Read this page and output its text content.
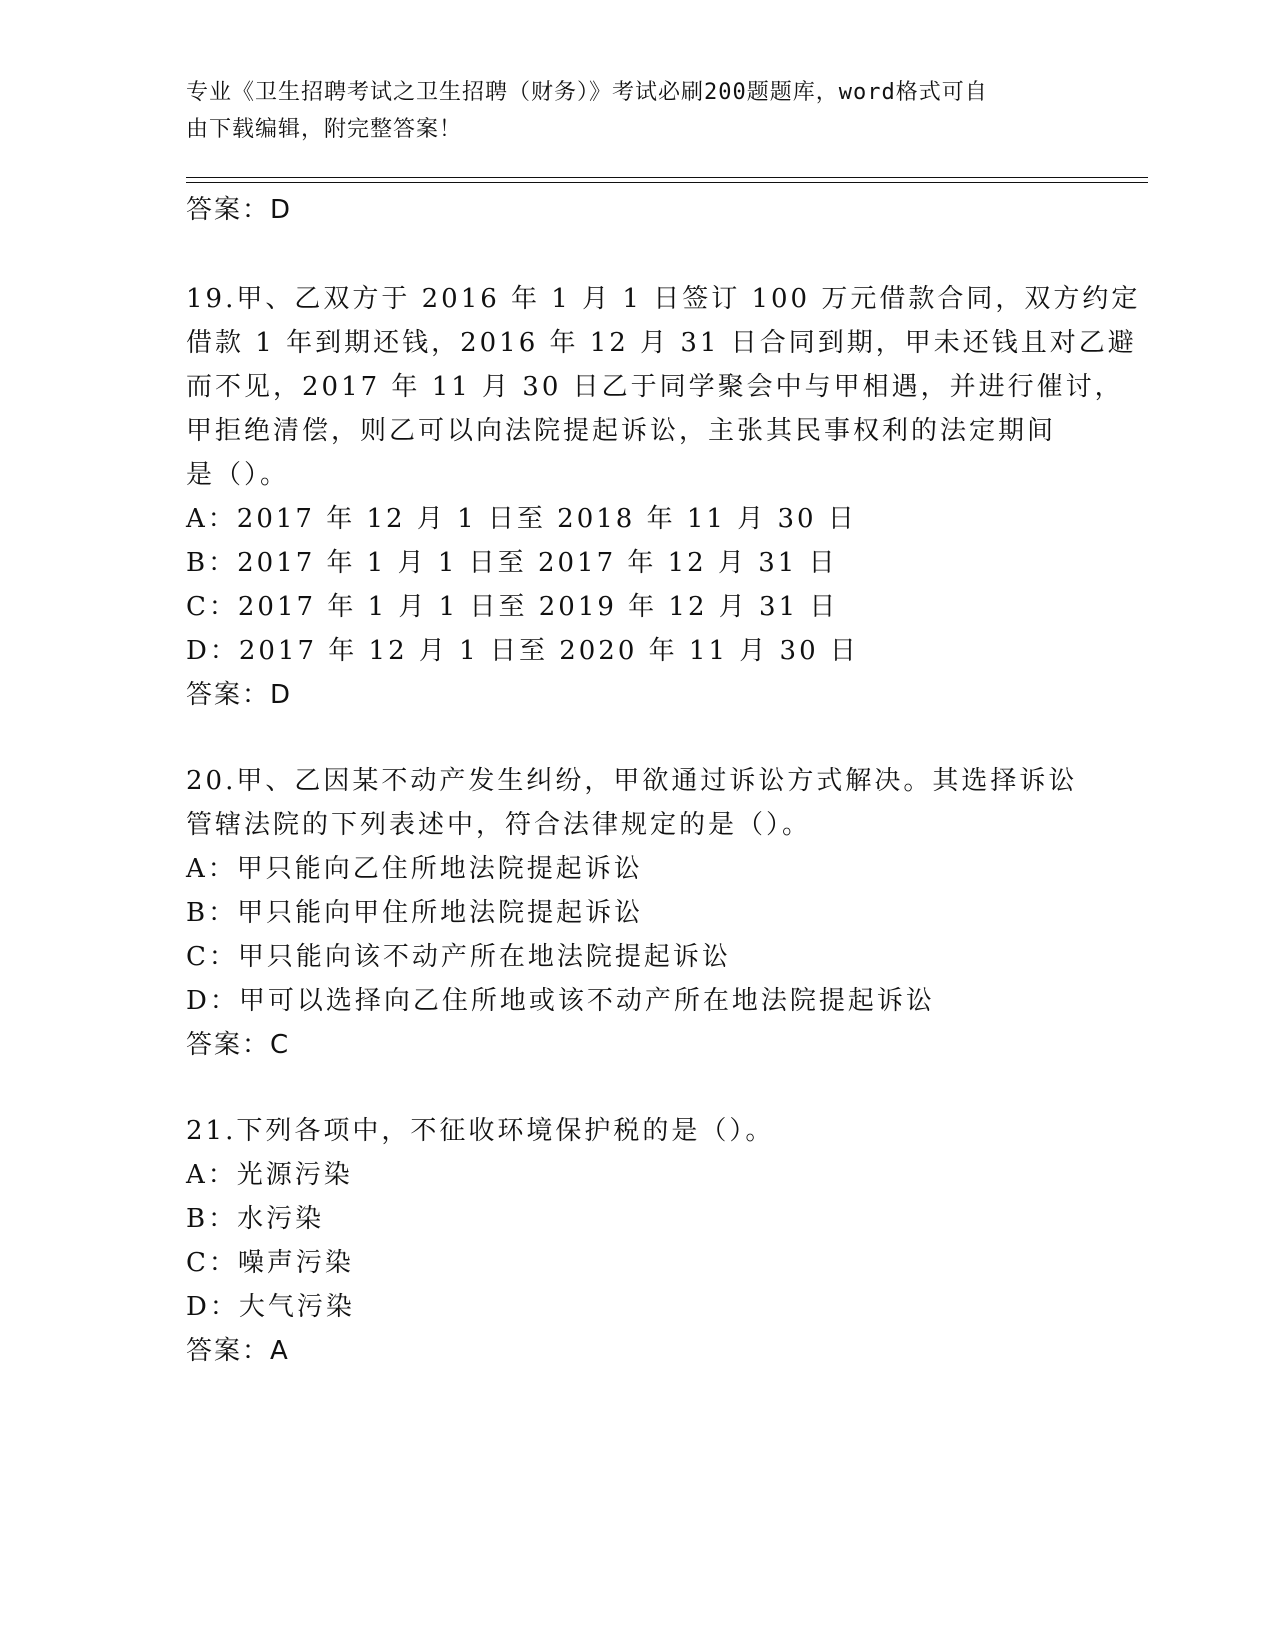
专业《卫生招聘考试之卫生招聘（财务）》考试必刷200题题库，word格式可自
由下载编辑，附完整答案！
答案：D
19.甲、乙双方于 2016 年 1 月 1 日签订 100 万元借款合同，双方约定
借款 1 年到期还钱，2016 年 12 月 31 日合同到期，甲未还钱且对乙避
而不见，2017 年 11 月 30 日乙于同学聚会中与甲相遇，并进行催讨，
甲拒绝清偿，则乙可以向法院提起诉讼，主张其民事权利的法定期间
是（）。
A：2017 年 12 月 1 日至 2018 年 11 月 30 日
B：2017 年 1 月 1 日至 2017 年 12 月 31 日
C：2017 年 1 月 1 日至 2019 年 12 月 31 日
D：2017 年 12 月 1 日至 2020 年 11 月 30 日
答案：D
20.甲、乙因某不动产发生纠纷，甲欲通过诉讼方式解决。其选择诉讼
管辖法院的下列表述中，符合法律规定的是（）。
A：甲只能向乙住所地法院提起诉讼
B：甲只能向甲住所地法院提起诉讼
C：甲只能向该不动产所在地法院提起诉讼
D：甲可以选择向乙住所地或该不动产所在地法院提起诉讼
答案：C
21.下列各项中，不征收环境保护税的是（）。
A：光源污染
B：水污染
C：噪声污染
D：大气污染
答案：A
